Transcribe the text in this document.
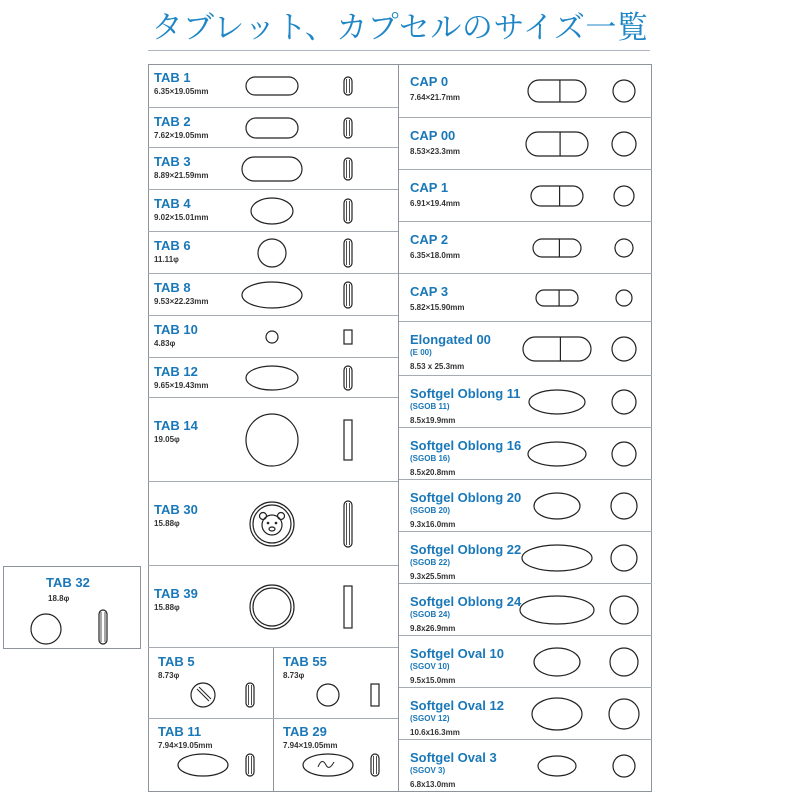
タブレット、カプセルのサイズ一覧
TAB 1
6.35×19.05mm
TAB 2
7.62×19.05mm
TAB 3
8.89×21.59mm
TAB 4
9.02×15.01mm
TAB 6
11.11φ
TAB 8
9.53×22.23mm
TAB 10
4.83φ
TAB 12
9.65×19.43mm
TAB 14
19.05φ
TAB 30
15.88φ
TAB 39
15.88φ
TAB 5
8.73φ
TAB 55
8.73φ
TAB 11
7.94×19.05mm
TAB 29
7.94×19.05mm
CAP 0
7.64×21.7mm
CAP 00
8.53×23.3mm
CAP 1
6.91×19.4mm
CAP 2
6.35×18.0mm
CAP 3
5.82×15.90mm
Elongated 00
(E 00)
8.53 x 25.3mm
Softgel Oblong 11
(SGOB 11)
8.5x19.9mm
Softgel Oblong 16
(SGOB 16)
8.5x20.8mm
Softgel Oblong 20
(SGOB 20)
9.3x16.0mm
Softgel Oblong 22
(SGOB 22)
9.3x25.5mm
Softgel Oblong 24
(SGOB 24)
9.8x26.9mm
Softgel Oval 10
(SGOV 10)
9.5x15.0mm
Softgel Oval 12
(SGOV 12)
10.6x16.3mm
Softgel Oval 3
(SGOV 3)
6.8x13.0mm
TAB 32
18.8φ
